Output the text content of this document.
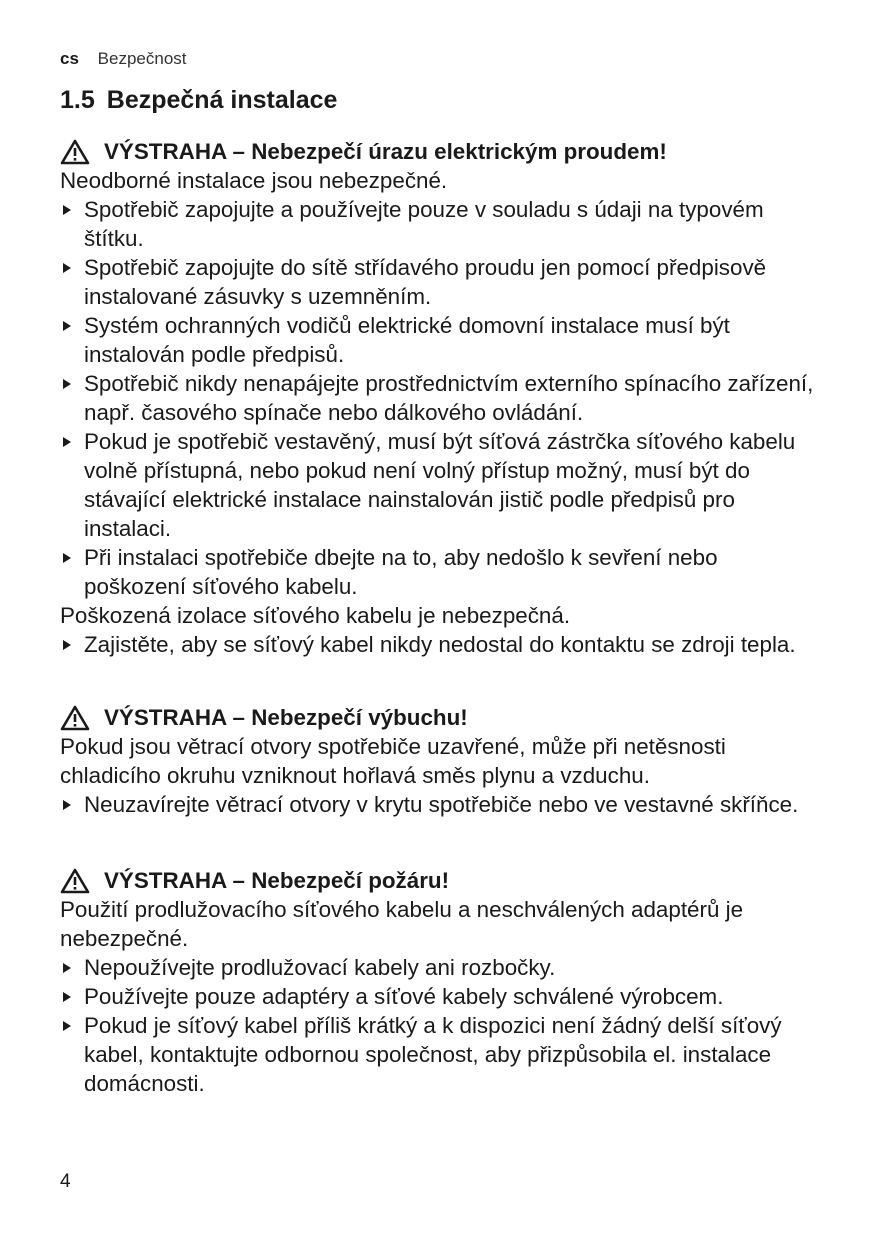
cs Bezpečnost
1.5 Bezpečná instalace
VÝSTRAHA – Nebezpečí úrazu elektrickým proudem!

Neodborné instalace jsou nebezpečné.

Spotřebič zapojujte a používejte pouze v souladu s údaji na typovém štítku.
Spotřebič zapojujte do sítě střídavého proudu jen pomocí předpisově instalované zásuvky s uzemněním.
Systém ochranných vodičů elektrické domovní instalace musí být instalován podle předpisů.
Spotřebič nikdy nenapájejte prostřednictvím externího spínacího zařízení, např. časového spínače nebo dálkového ovládání.
Pokud je spotřebič vestavěný, musí být síťová zástrčka síťového kabelu volně přístupná, nebo pokud není volný přístup možný, musí být do stávající elektrické instalace nainstalován jistič podle předpisů pro instalaci.
Při instalaci spotřebiče dbejte na to, aby nedošlo k sevření nebo poškození síťového kabelu.

Poškozená izolace síťového kabelu je nebezpečná.

Zajistěte, aby se síťový kabel nikdy nedostal do kontaktu se zdroji tepla.
VÝSTRAHA – Nebezpečí výbuchu!

Pokud jsou větrací otvory spotřebiče uzavřené, může při netěsnosti chladicího okruhu vzniknout hořlavá směs plynu a vzduchu.

Neuzavírejte větrací otvory v krytu spotřebiče nebo ve vestavné skříňce.
VÝSTRAHA – Nebezpečí požáru!

Použití prodlužovacího síťového kabelu a neschválených adaptérů je nebezpečné.

Nepoužívejte prodlužovací kabely ani rozbočky.
Používejte pouze adaptéry a síťové kabely schválené výrobcem.
Pokud je síťový kabel příliš krátký a k dispozici není žádný delší síťový kabel, kontaktujte odbornou společnost, aby přizpůsobila el. instalace domácnosti.
4
